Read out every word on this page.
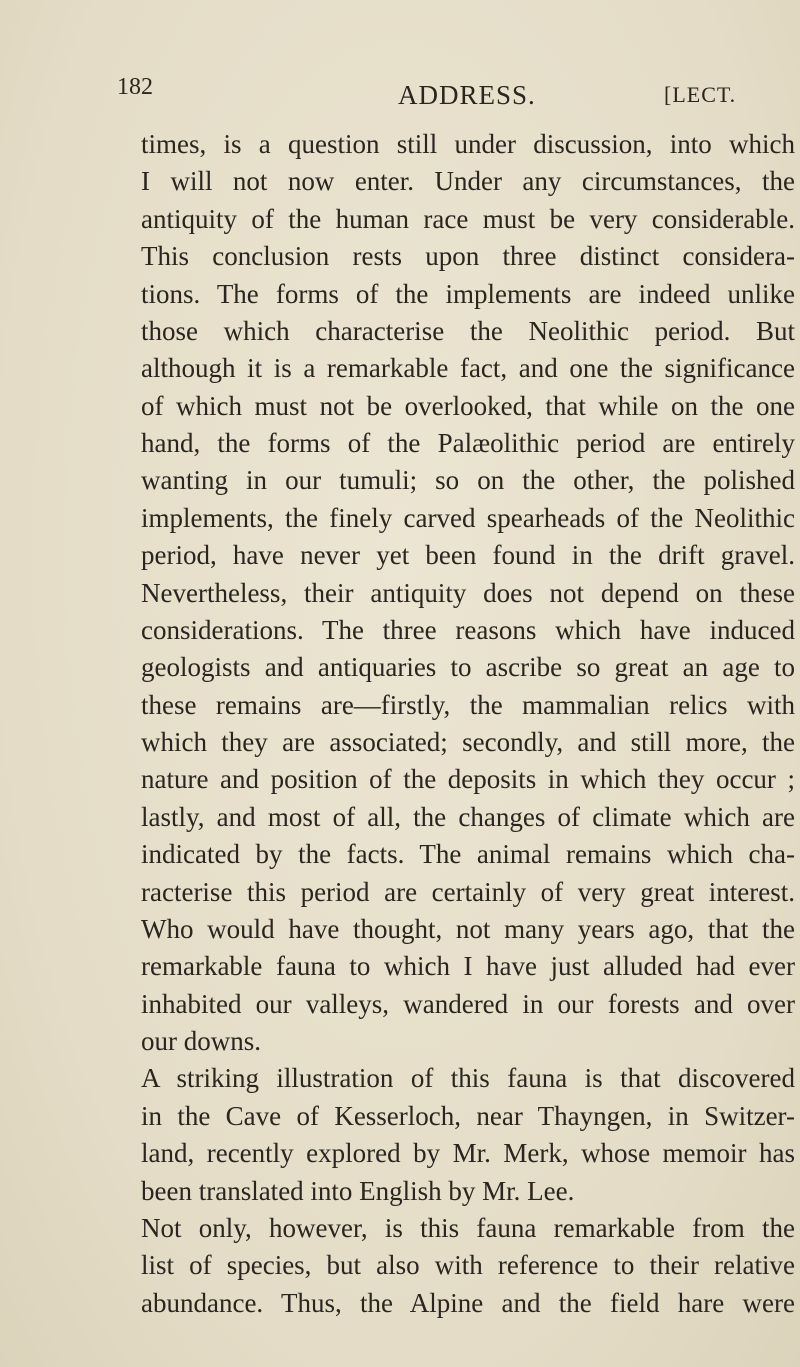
182	ADDRESS.	[LECT.
times, is a question still under discussion, into which
I will not now enter. Under any circumstances, the
antiquity of the human race must be very considerable.
This conclusion rests upon three distinct considera-
tions. The forms of the implements are indeed unlike
those which characterise the Neolithic period. But
although it is a remarkable fact, and one the significance
of which must not be overlooked, that while on the one
hand, the forms of the Palæolithic period are entirely
wanting in our tumuli; so on the other, the polished
implements, the finely carved spearheads of the Neolithic
period, have never yet been found in the drift gravel.
Nevertheless, their antiquity does not depend on these
considerations. The three reasons which have induced
geologists and antiquaries to ascribe so great an age to
these remains are—firstly, the mammalian relics with
which they are associated; secondly, and still more, the
nature and position of the deposits in which they occur ;
lastly, and most of all, the changes of climate which are
indicated by the facts. The animal remains which cha-
racterise this period are certainly of very great interest.
Who would have thought, not many years ago, that the
remarkable fauna to which I have just alluded had ever
inhabited our valleys, wandered in our forests and over
our downs.
A striking illustration of this fauna is that discovered
in the Cave of Kesserloch, near Thayngen, in Switzer-
land, recently explored by Mr. Merk, whose memoir has
been translated into English by Mr. Lee.
Not only, however, is this fauna remarkable from the
list of species, but also with reference to their relative
abundance. Thus, the Alpine and the field hare were
